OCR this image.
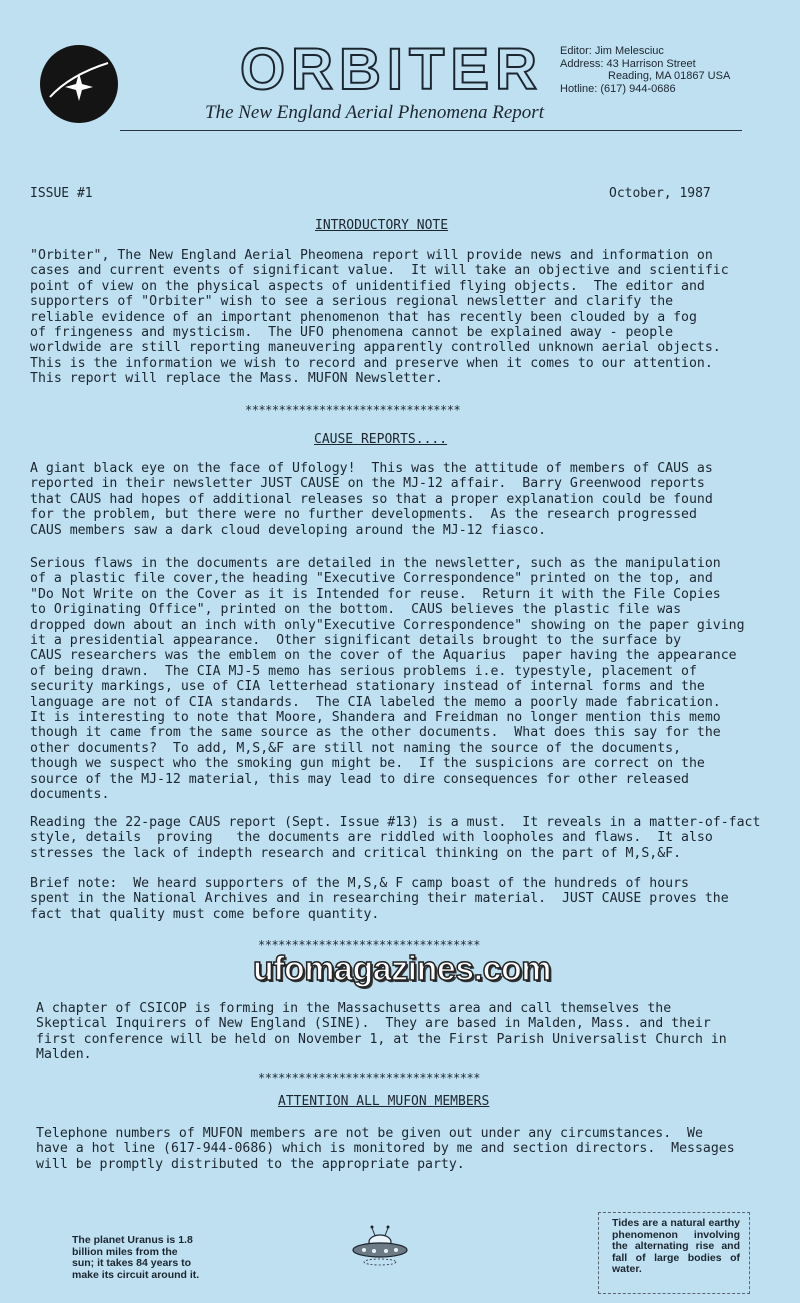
ORBITER
The New England Aerial Phenomena Report
Editor: Jim Melesciuc
Address: 43 Harrison Street
Reading, MA 01867 USA
Hotline: (617) 944-0686
ISSUE #1	October, 1987
INTRODUCTORY NOTE
"Orbiter", The New England Aerial Pheomena report will provide news and information on
cases and current events of significant value.  It will take an objective and scientific
point of view on the physical aspects of unidentified flying objects.  The editor and
supporters of "Orbiter" wish to see a serious regional newsletter and clarify the
reliable evidence of an important phenomenon that has recently been clouded by a fog
of fringeness and mysticism.  The UFO phenomena cannot be explained away - people
worldwide are still reporting maneuvering apparently controlled unknown aerial objects.
This is the information we wish to record and preserve when it comes to our attention.
This report will replace the Mass. MUFON Newsletter.
********************************
CAUSE REPORTS....
A giant black eye on the face of Ufology!  This was the attitude of members of CAUS as
reported in their newsletter JUST CAUSE on the MJ-12 affair.  Barry Greenwood reports
that CAUS had hopes of additional releases so that a proper explanation could be found
for the problem, but there were no further developments.  As the research progressed
CAUS members saw a dark cloud developing around the MJ-12 fiasco.
Serious flaws in the documents are detailed in the newsletter, such as the manipulation
of a plastic file cover,the heading "Executive Correspondence" printed on the top, and
"Do Not Write on the Cover as it is Intended for reuse.  Return it with the File Copies
to Originating Office", printed on the bottom.  CAUS believes the plastic file was
dropped down about an inch with only"Executive Correspondence" showing on the paper giving
it a presidential appearance.  Other significant details brought to the surface by
CAUS researchers was the emblem on the cover of the Aquarius  paper having the appearance
of being drawn.  The CIA MJ-5 memo has serious problems i.e. typestyle, placement of
security markings, use of CIA letterhead stationary instead of internal forms and the
language are not of CIA standards.  The CIA labeled the memo a poorly made fabrication.
It is interesting to note that Moore, Shandera and Freidman no longer mention this memo
though it came from the same source as the other documents.  What does this say for the
other documents?  To add, M,S,&F are still not naming the source of the documents,
though we suspect who the smoking gun might be.  If the suspicions are correct on the
source of the MJ-12 material, this may lead to dire consequences for other released
documents.
Reading the 22-page CAUS report (Sept. Issue #13) is a must.  It reveals in a matter-of-fact
style, details  proving   the documents are riddled with loopholes and flaws.  It also
stresses the lack of indepth research and critical thinking on the part of M,S,&F.
Brief note:  We heard supporters of the M,S,& F camp boast of the hundreds of hours
spent in the National Archives and in researching their material.  JUST CAUSE proves the
fact that quality must come before quantity.
*********************************
ufomagazines.com
A chapter of CSICOP is forming in the Massachusetts area and call themselves the
Skeptical Inquirers of New England (SINE).  They are based in Malden, Mass. and their
first conference will be held on November 1, at the First Parish Universalist Church in
Malden.
*********************************
ATTENTION ALL MUFON MEMBERS
Telephone numbers of MUFON members are not be given out under any circumstances.  We
have a hot line (617-944-0686) which is monitored by me and section directors.  Messages
will be promptly distributed to the appropriate party.
The planet Uranus is 1.8 billion miles from the sun; it takes 84 years to make its circuit around it.
Tides are a natural earthy phenomenon involving the alternating rise and fall of large bodies of water.
